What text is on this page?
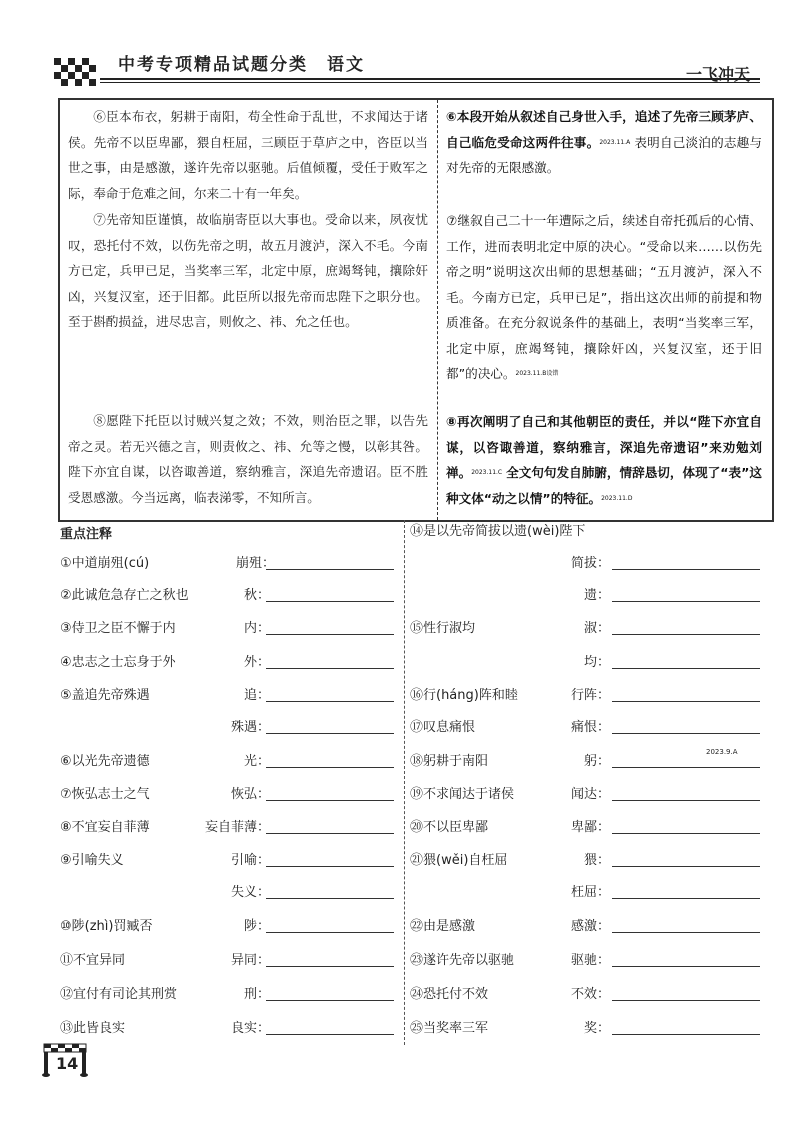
中考专项精品试题分类　语文	一飞冲天
⑥臣本布衣，躬耕于南阳，苟全性命于乱世，不求闻达于诸侯。先帝不以臣卑鄙，猥自枉屈，三顾臣于草庐之中，咨臣以当世之事，由是感激，遂许先帝以驱驰。后值倾覆，受任于败军之际，奉命于危难之间，尔来二十有一年矣。
⑦先帝知臣谨慎，故临崩寄臣以大事也。受命以来，夙夜忧叹，恐托付不效，以伤先帝之明，故五月渡泸，深入不毛。今南方已定，兵甲已足，当奖率三军，北定中原，庶竭驽钝，攘除奸凶，兴复汉室，还于旧都。此臣所以报先帝而忠陛下之职分也。至于斟酌损益，进尽忠言，则攸之、祎、允之任也。
⑧愿陛下托臣以讨贼兴复之效；不效，则治臣之罪，以告先帝之灵。若无兴德之言，则责攸之、祎、允等之慢，以彰其咎。陛下亦宜自谋，以咨诹善道，察纳雅言，深追先帝遗诏。臣不胜受恩感激。今当远离，临表涕零，不知所言。
⑥本段开始从叙述自己身世入手，追述了先帝三顾茅庐、自己临危受命这两件往事。$^{2023.11.A}$ 表明自己淡泊的志趣与对先帝的无限感激。
⑦继叙自己二十一年遭际之后，续述自帝托孤后的心情、工作，进而表明北定中原的决心。“受命以来……以伤先帝之明”说明这次出师的思想基础；“五月渡泸，深入不毛。今南方已定，兵甲已足”，指出这次出师的前提和物质准备。在充分叙说条件的基础上，表明“当奖率三军，北定中原，庶竭驽钝，攘除奸凶，兴复汉室，还于旧都”的决心。$^{2023.11.B设错}$
⑧再次阐明了自己和其他朝臣的责任，并以“陛下亦宜自谋，以咨诹善道，察纳雅言，深追先帝遗诏”来劝勉刘禅。$^{2023.11.C}$ 全文句句发自肺腑，情辞恳切，体现了“表”这种文体“动之以情”的特征。$^{2023.11.D}$
重点注释
①中道崩殂(cú)	崩殂：
②此诚危急存亡之秋也	秋：
③侍卫之臣不懈于内	内：
④忠志之士忘身于外	外：
⑤盖追先帝殊遇	追：
殊遇：
⑥以光先帝遗德	光：
⑦恢弘志士之气	恢弘：
⑧不宜妄自菲薄	妄自菲薄：
⑨引喻失义	引喻：
失义：
⑩陟(zhì)罚臧否	陟：
⑪不宜异同	异同：
⑫宜付有司论其刑赏	刑：
⑬此皆良实	良实：
⑭是以先帝简拔以遗(wèi)陛下
简拔：
遗：
⑮性行淑均	淑：
均：
⑯行(háng)阵和睦	行阵：
⑰叹息痛恨	痛恨：
⑱躬耕于南阳	躬：
2023.9.A
⑲不求闻达于诸侯	闻达：
⑳不以臣卑鄙	卑鄙：
㉑猥(wěi)自枉屈	猥：
枉屈：
㉒由是感激	感激：
㉓遂许先帝以驱驰	驱驰：
㉔恐托付不效	不效：
㉕当奖率三军	奖：
14
